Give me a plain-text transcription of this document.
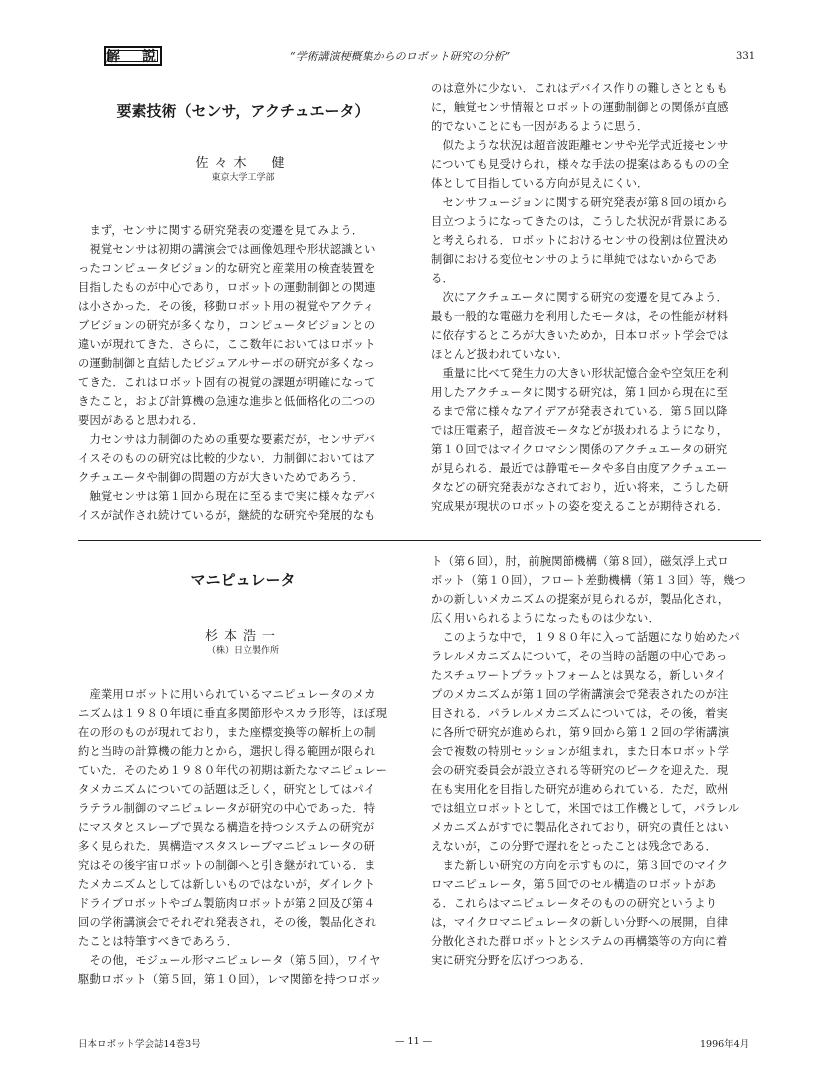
解　説	“学術講演梗概集からのロボット研究の分析”	331
要素技術（センサ，アクチュエータ）
佐々木　健
東京大学工学部

　まず，センサに関する研究発表の変遷を見てみよう．

　視覚センサは初期の講演会では画像処理や形状認識とい

ったコンピュータビジョン的な研究と産業用の検査装置を

目指したものが中心であり，ロボットの運動制御との関連

は小さかった．その後，移動ロボット用の視覚やアクティ

ブビジョンの研究が多くなり，コンピュータビジョンとの

違いが現れてきた．さらに，ここ数年においてはロボット

の運動制御と直結したビジュアルサーボの研究が多くなっ

てきた．これはロボット固有の視覚の課題が明確になって

きたこと，および計算機の急速な進歩と低価格化の二つの

要因があると思われる．

　力センサは力制御のための重要な要素だが，センサデバ

イスそのものの研究は比較的少ない．力制御においてはア

クチュエータや制御の問題の方が大きいためであろう．

　触覚センサは第１回から現在に至るまで実に様々なデバ

イスが試作され続けているが，継続的な研究や発展的なも

のは意外に少ない．これはデバイス作りの難しさとともも

に，触覚センサ情報とロボットの運動制御との関係が直感

的でないことにも一因があるように思う．

　似たような状況は超音波距離センサや光学式近接センサ

についても見受けられ，様々な手法の提案はあるものの全

体として目指している方向が見えにくい．

　センサフュージョンに関する研究発表が第８回の頃から

目立つようになってきたのは，こうした状況が背景にある

と考えられる．ロボットにおけるセンサの役割は位置決め

制御における変位センサのように単純ではないからであ

る．

　次にアクチュエータに関する研究の変遷を見てみよう．

最も一般的な電磁力を利用したモータは，その性能が材料

に依存するところが大きいためか，日本ロボット学会では

ほとんど扱われていない．

　重量に比べて発生力の大きい形状記憶合金や空気圧を利

用したアクチュータに関する研究は，第１回から現在に至

るまで常に様々なアイデアが発表されている．第５回以降

では圧電素子，超音波モータなどが扱われるようになり，

第１０回ではマイクロマシン関係のアクチュエータの研究

が見られる．最近では静電モータや多自由度アクチュエー

タなどの研究発表がなされており，近い将来，こうした研

究成果が現状のロボットの姿を変えることが期待される．

マニピュレータ
杉本浩一
（株）日立製作所

　産業用ロボットに用いられているマニピュレータのメカ

ニズムは１９８０年頃に垂直多関節形やスカラ形等，ほぼ現

在の形のものが現れており，また座標変換等の解析上の制

約と当時の計算機の能力とから，選択し得る範囲が限られ

ていた．そのため１９８０年代の初期は新たなマニピュレー

タメカニズムについての話題は乏しく，研究としてはパイ

ラテラル制御のマニピュレータが研究の中心であった．特

にマスタとスレーブで異なる構造を持つシステムの研究が

多く見られた．異構造マスタスレーブマニピュレータの研

究はその後宇宙ロボットの制御へと引き継がれている．ま

たメカニズムとしては新しいものではないが，ダイレクト

ドライブロボットやゴム製筋肉ロボットが第２回及び第４

回の学術講演会でそれぞれ発表され，その後，製品化され

たことは特筆すべきであろう．

　その他，モジュール形マニピュレータ（第５回），ワイヤ

駆動ロボット（第５回，第１０回），レマ関節を持つロボッ

ト（第６回），肘，前腕関節機構（第８回），磁気浮上式ロ

ボット（第１０回），フロート差動機構（第１３回）等，幾つ

かの新しいメカニズムの提案が見られるが，製品化され，

広く用いられるようになったものは少ない．

　このような中で，１９８０年に入って話題になり始めたパ

ラレルメカニズムについて，その当時の話題の中心であっ

たスチュワートプラットフォームとは異なる，新しいタイ

プのメカニズムが第１回の学術講演会で発表されたのが注

目される．パラレルメカニズムについては，その後，着実

に各所で研究が進められ，第９回から第１２回の学術講演

会で複数の特別セッションが組まれ，また日本ロボット学

会の研究委員会が設立される等研究のピークを迎えた．現

在も実用化を目指した研究が進められている．ただ，欧州

では組立ロボットとして，米国では工作機として，パラレル

メカニズムがすでに製品化されており，研究の責任とはい

えないが，この分野で遅れをとったことは残念である．

　また新しい研究の方向を示すものに，第３回でのマイク

ロマニピュレータ，第５回でのセル構造のロボットがあ

る．これらはマニピュレータそのものの研究というより

は，マイクロマニピュレータの新しい分野への展開，自律

分散化された群ロボットとシステムの再構築等の方向に着

実に研究分野を広げつつある．

日本ロボット学会誌14巻3号	— 11 —	1996年4月
